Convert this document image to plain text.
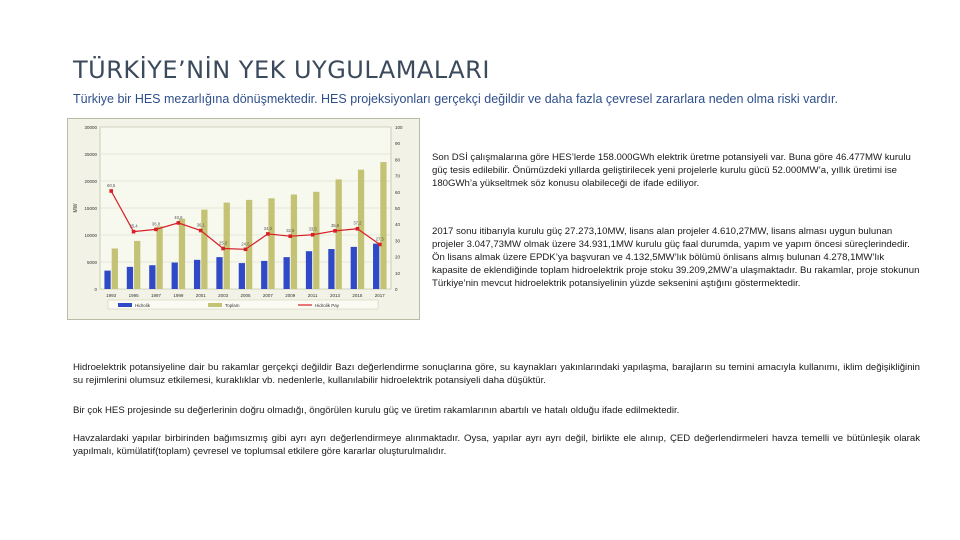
TÜRKİYE’NİN YEK UYGULAMALARI

Türkiye bir HES mezarlığına dönüşmektedir. HES projeksiyonları gerçekçi değildir ve daha fazla çevresel zararlara neden olma riski vardır.

30000
25000
20000
15000
10000
5000
0
100
90
80
70
60
50
40
30
20
10
0
MW
1993	1995	1997	1999	2001	2003	2005	2007	2009	2011	2013	2015	2017
60,5
35,4	36,8
40,8
36,1
25,0	24,5
34,0	32,6	33,5
35,9	37,2
27,5
Hidrolik	Toplam	Hidrolik Pay

Son DSİ çalışmalarına göre HES’lerde 158.000GWh elektrik üretme potansiyeli var. Buna göre 46.477MW kurulu güç tesis edilebilir. Önümüzdeki yıllarda geliştirilecek yeni projelerle kurulu gücü 52.000MW’a, yıllık üretimi ise 180GWh’a yükseltmek söz konusu olabileceği de ifade ediliyor.

2017 sonu itibarıyla kurulu güç 27.273,10MW, lisans alan projeler 4.610,27MW, lisans alması uygun bulunan projeler 3.047,73MW olmak üzere 34.931,1MW kurulu güç faal durumda, yapım ve yapım öncesi süreçlerindedir. Ön lisans almak üzere EPDK’ya başvuran ve 4.132,5MW’lık bölümü önlisans almış bulunan 4.278,1MW’lık kapasite de eklendiğinde toplam hidroelektrik proje stoku 39.209,2MW’a ulaşmaktadır. Bu rakamlar, proje stokunun Türkiye’nin mevcut hidroelektrik potansiyelinin yüzde seksenini aştığını göstermektedir.

Hidroelektrik potansiyeline dair bu rakamlar gerçekçi değildir Bazı değerlendirme sonuçlarına göre, su kaynakları yakınlarındaki yapılaşma, barajların su temini amacıyla kullanımı, iklim değişikliğinin su rejimlerini olumsuz etkilemesi, kuraklıklar vb. nedenlerle, kullanılabilir hidroelektrik potansiyeli daha düşüktür.

Bir çok HES projesinde su değerlerinin doğru olmadığı, öngörülen kurulu güç ve üretim rakamlarının abartılı ve hatalı olduğu ifade edilmektedir.

Havzalardaki yapılar birbirinden bağımsızmış gibi ayrı ayrı değerlendirmeye alınmaktadır. Oysa, yapılar ayrı ayrı değil, birlikte ele alınıp, ÇED değerlendirmeleri havza temelli ve bütünleşik olarak yapılmalı, kümülatif(toplam) çevresel ve toplumsal etkilere göre kararlar oluşturulmalıdır.
